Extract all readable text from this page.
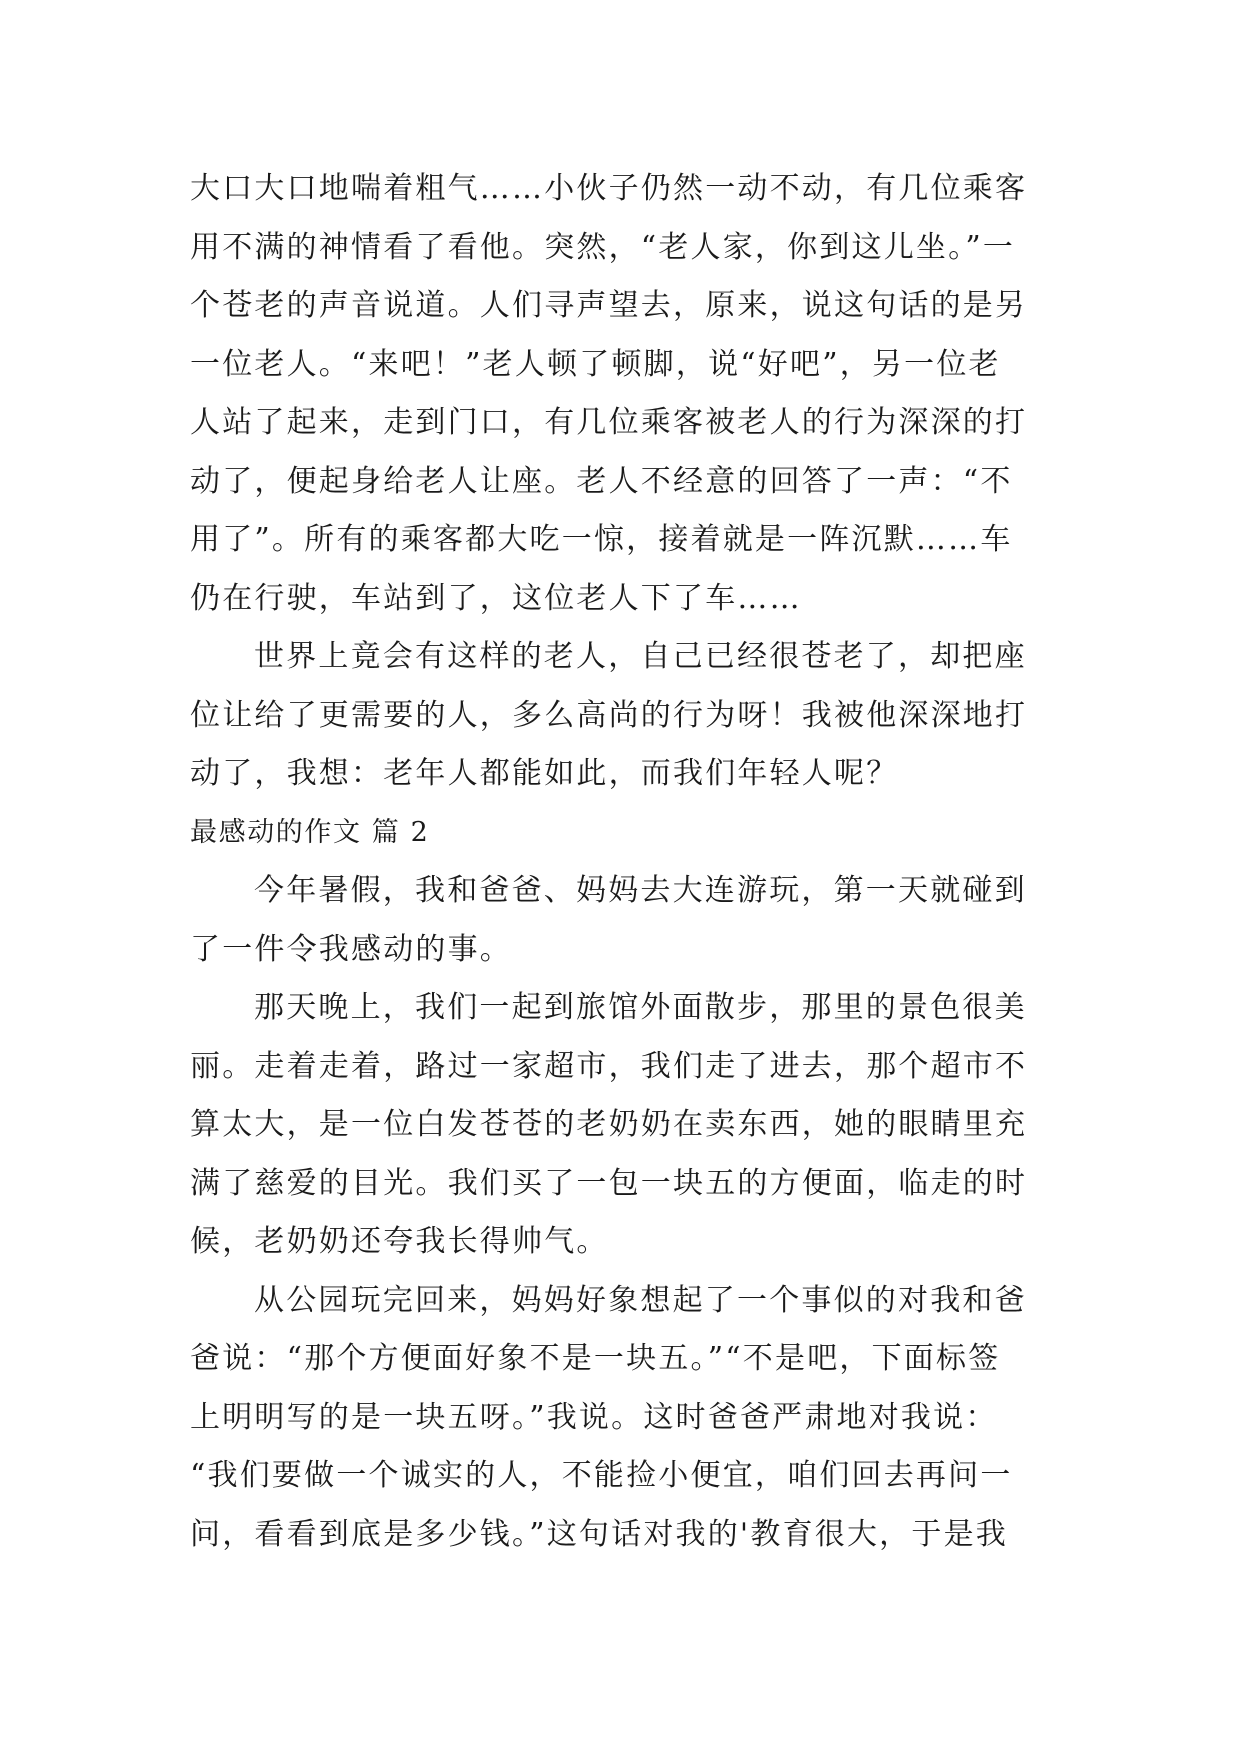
大口大口地喘着粗气……小伙子仍然一动不动，有几位乘客
用不满的神情看了看他。突然，“老人家，你到这儿坐。”一
个苍老的声音说道。人们寻声望去，原来，说这句话的是另
一位老人。“来吧！”老人顿了顿脚，说“好吧”，另一位老
人站了起来，走到门口，有几位乘客被老人的行为深深的打
动了，便起身给老人让座。老人不经意的回答了一声：“不
用了”。所有的乘客都大吃一惊，接着就是一阵沉默……车
仍在行驶，车站到了，这位老人下了车……
世界上竟会有这样的老人，自己已经很苍老了，却把座
位让给了更需要的人，多么高尚的行为呀！我被他深深地打
动了，我想：老年人都能如此，而我们年轻人呢？
最感动的作文 篇 2
今年暑假，我和爸爸、妈妈去大连游玩，第一天就碰到
了一件令我感动的事。
那天晚上，我们一起到旅馆外面散步，那里的景色很美
丽。走着走着，路过一家超市，我们走了进去，那个超市不
算太大，是一位白发苍苍的老奶奶在卖东西，她的眼睛里充
满了慈爱的目光。我们买了一包一块五的方便面，临走的时
候，老奶奶还夸我长得帅气。
从公园玩完回来，妈妈好象想起了一个事似的对我和爸
爸说：“那个方便面好象不是一块五。”“不是吧，下面标签
上明明写的是一块五呀。”我说。这时爸爸严肃地对我说：
“我们要做一个诚实的人，不能捡小便宜，咱们回去再问一
问，看看到底是多少钱。”这句话对我的'教育很大，于是我
